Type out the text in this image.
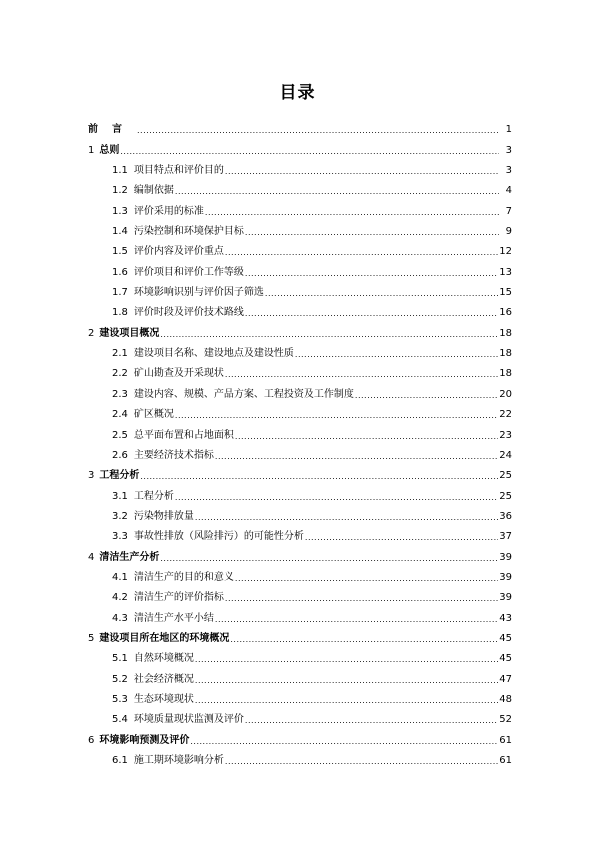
目录
前言 .....	1
1 总则 .....	3
1.1 项目特点和评价目的 .....	3
1.2 编制依据 .....	4
1.3 评价采用的标准 .....	7
1.4 污染控制和环境保护目标 .....	9
1.5 评价内容及评价重点 .....	12
1.6 评价项目和评价工作等级 .....	13
1.7 环境影响识别与评价因子筛选 .....	15
1.8 评价时段及评价技术路线 .....	16
2 建设项目概况 .....	18
2.1 建设项目名称、建设地点及建设性质 .....	18
2.2 矿山勘查及开采现状 .....	18
2.3 建设内容、规模、产品方案、工程投资及工作制度 .....	20
2.4 矿区概况 .....	22
2.5 总平面布置和占地面积 .....	23
2.6 主要经济技术指标 .....	24
3 工程分析 .....	25
3.1 工程分析 .....	25
3.2 污染物排放量 .....	36
3.3 事故性排放（风险排污）的可能性分析 .....	37
4 清洁生产分析 .....	39
4.1 清洁生产的目的和意义 .....	39
4.2 清洁生产的评价指标 .....	39
4.3 清洁生产水平小结 .....	43
5 建设项目所在地区的环境概况 .....	45
5.1 自然环境概况 .....	45
5.2 社会经济概况 .....	47
5.3 生态环境现状 .....	48
5.4 环境质量现状监测及评价 .....	52
6 环境影响预测及评价 .....	61
6.1 施工期环境影响分析 .....	61
